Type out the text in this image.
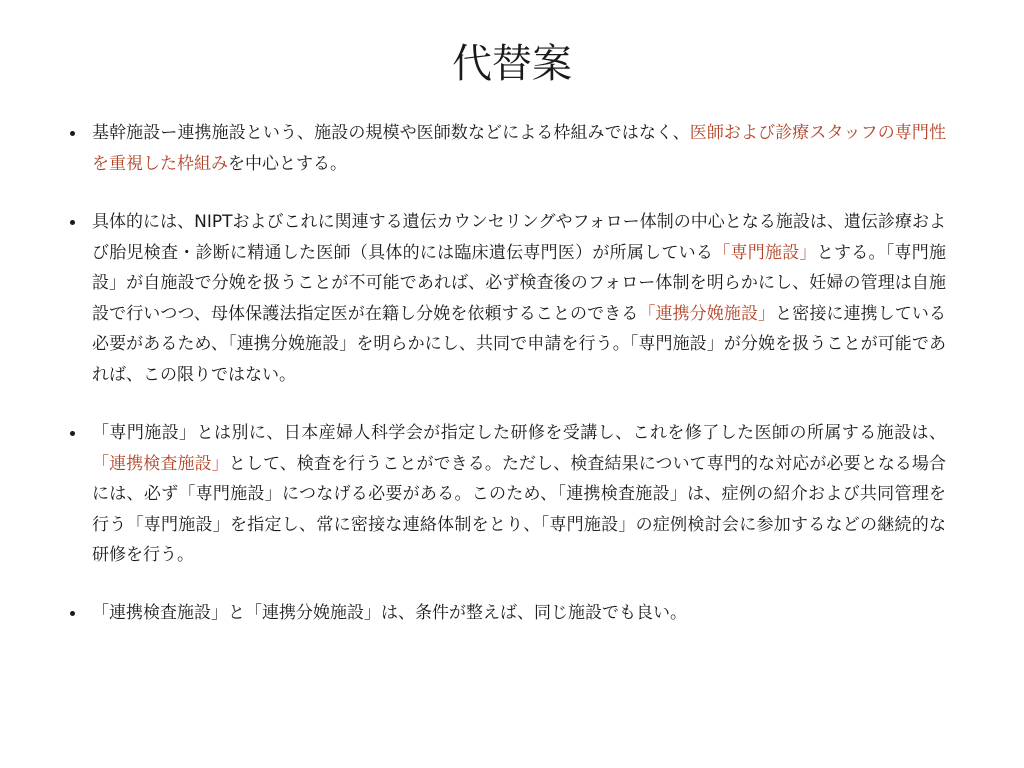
代替案
基幹施設ー連携施設という、施設の規模や医師数などによる枠組みではなく、医師および診療スタッフの専門性を重視した枠組みを中心とする。
具体的には、NIPTおよびこれに関連する遺伝カウンセリングやフォロー体制の中心となる施設は、遺伝診療および胎児検査・診断に精通した医師（具体的には臨床遺伝専門医）が所属している「専門施設」とする。「専門施設」が自施設で分娩を扱うことが不可能であれば、必ず検査後のフォロー体制を明らかにし、妊婦の管理は自施設で行いつつ、母体保護法指定医が在籍し分娩を依頼することのできる「連携分娩施設」と密接に連携している必要があるため、「連携分娩施設」を明らかにし、共同で申請を行う。「専門施設」が分娩を扱うことが可能であれば、この限りではない。
「専門施設」とは別に、日本産婦人科学会が指定した研修を受講し、これを修了した医師の所属する施設は、「連携検査施設」として、検査を行うことができる。ただし、検査結果について専門的な対応が必要となる場合には、必ず「専門施設」につなげる必要がある。このため、「連携検査施設」は、症例の紹介および共同管理を行う「専門施設」を指定し、常に密接な連絡体制をとり、「専門施設」の症例検討会に参加するなどの継続的な研修を行う。
「連携検査施設」と「連携分娩施設」は、条件が整えば、同じ施設でも良い。
